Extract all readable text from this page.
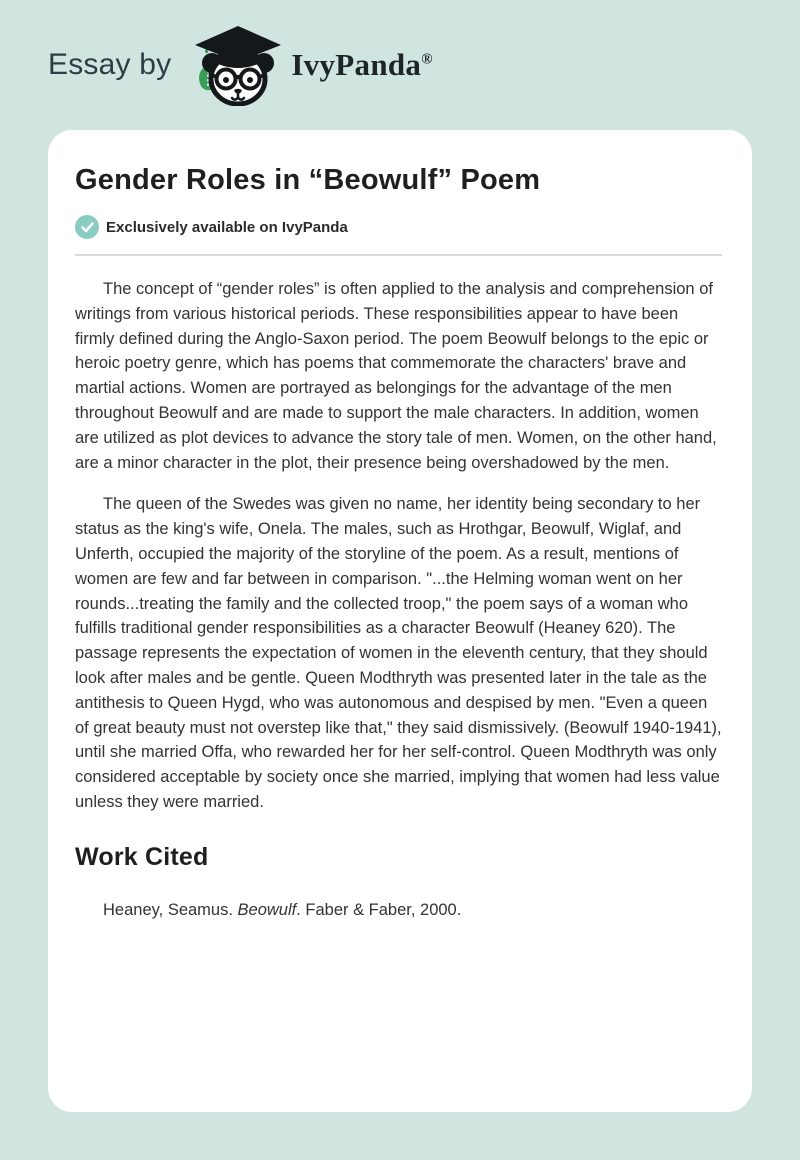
Essay by	IvyPanda®
Gender Roles in “Beowulf” Poem
Exclusively available on IvyPanda

The concept of “gender roles” is often applied to the analysis and comprehension of writings from various historical periods. These responsibilities appear to have been firmly defined during the Anglo-Saxon period. The poem Beowulf belongs to the epic or heroic poetry genre, which has poems that commemorate the characters' brave and martial actions. Women are portrayed as belongings for the advantage of the men throughout Beowulf and are made to support the male characters. In addition, women are utilized as plot devices to advance the story tale of men. Women, on the other hand, are a minor character in the plot, their presence being overshadowed by the men.

The queen of the Swedes was given no name, her identity being secondary to her status as the king's wife, Onela. The males, such as Hrothgar, Beowulf, Wiglaf, and Unferth, occupied the majority of the storyline of the poem. As a result, mentions of women are few and far between in comparison. "...the Helming woman went on her rounds...treating the family and the collected troop," the poem says of a woman who fulfills traditional gender responsibilities as a character Beowulf (Heaney 620). The passage represents the expectation of women in the eleventh century, that they should look after males and be gentle. Queen Modthryth was presented later in the tale as the antithesis to Queen Hygd, who was autonomous and despised by men. "Even a queen of great beauty must not overstep like that," they said dismissively. (Beowulf 1940-1941), until she married Offa, who rewarded her for her self-control. Queen Modthryth was only considered acceptable by society once she married, implying that women had less value unless they were married.

Work Cited

Heaney, Seamus. Beowulf. Faber & Faber, 2000.
